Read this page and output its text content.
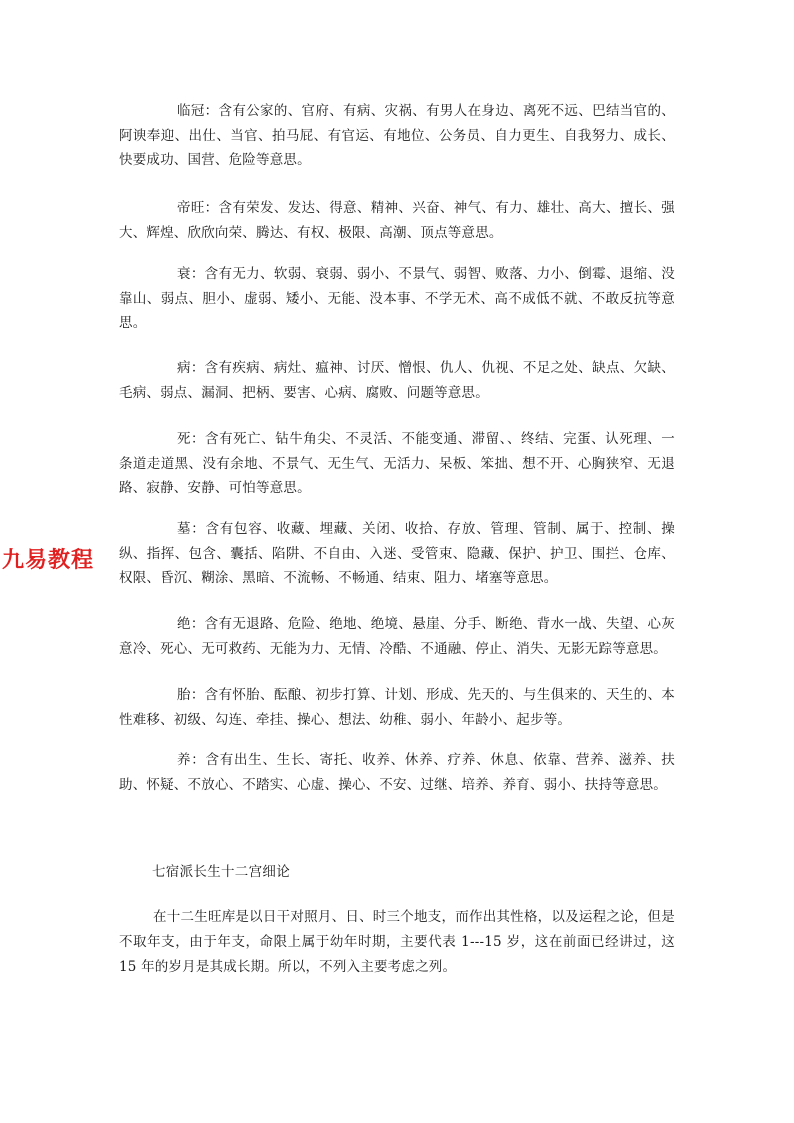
临冠：含有公家的、官府、有病、灾祸、有男人在身边、离死不远、巴结当官的、阿谀奉迎、出仕、当官、拍马屁、有官运、有地位、公务员、自力更生、自我努力、成长、快要成功、国营、危险等意思。

帝旺：含有荣发、发达、得意、精神、兴奋、神气、有力、雄壮、高大、擅长、强大、辉煌、欣欣向荣、腾达、有权、极限、高潮、顶点等意思。

衰：含有无力、软弱、衰弱、弱小、不景气、弱智、败落、力小、倒霉、退缩、没靠山、弱点、胆小、虚弱、矮小、无能、没本事、不学无术、高不成低不就、不敢反抗等意思。

病：含有疾病、病灶、瘟神、讨厌、憎恨、仇人、仇视、不足之处、缺点、欠缺、毛病、弱点、漏洞、把柄、要害、心病、腐败、问题等意思。

死：含有死亡、钻牛角尖、不灵活、不能变通、滞留、、终结、完蛋、认死理、一条道走道黑、没有余地、不景气、无生气、无活力、呆板、笨拙、想不开、心胸狭窄、无退路、寂静、安静、可怕等意思。

墓：含有包容、收藏、埋藏、关闭、收拾、存放、管理、管制、属于、控制、操纵、指挥、包含、囊括、陷阱、不自由、入迷、受管束、隐藏、保护、护卫、围拦、仓库、权限、昏沉、糊涂、黑暗、不流畅、不畅通、结束、阻力、堵塞等意思。

绝：含有无退路、危险、绝地、绝境、悬崖、分手、断绝、背水一战、失望、心灰意冷、死心、无可救药、无能为力、无情、冷酷、不通融、停止、消失、无影无踪等意思。

胎：含有怀胎、酝酿、初步打算、计划、形成、先天的、与生俱来的、天生的、本性难移、初级、勾连、牵挂、操心、想法、幼稚、弱小、年龄小、起步等。

养：含有出生、生长、寄托、收养、休养、疗养、休息、依靠、营养、滋养、扶助、怀疑、不放心、不踏实、心虚、操心、不安、过继、培养、养育、弱小、扶持等意思。

九易教程

七宿派长生十二宫细论

在十二生旺库是以日干对照月、日、时三个地支，而作出其性格，以及运程之论，但是不取年支，由于年支，命限上属于幼年时期，主要代表 1---15 岁，这在前面已经讲过，这 15 年的岁月是其成长期。所以，不列入主要考虑之列。
